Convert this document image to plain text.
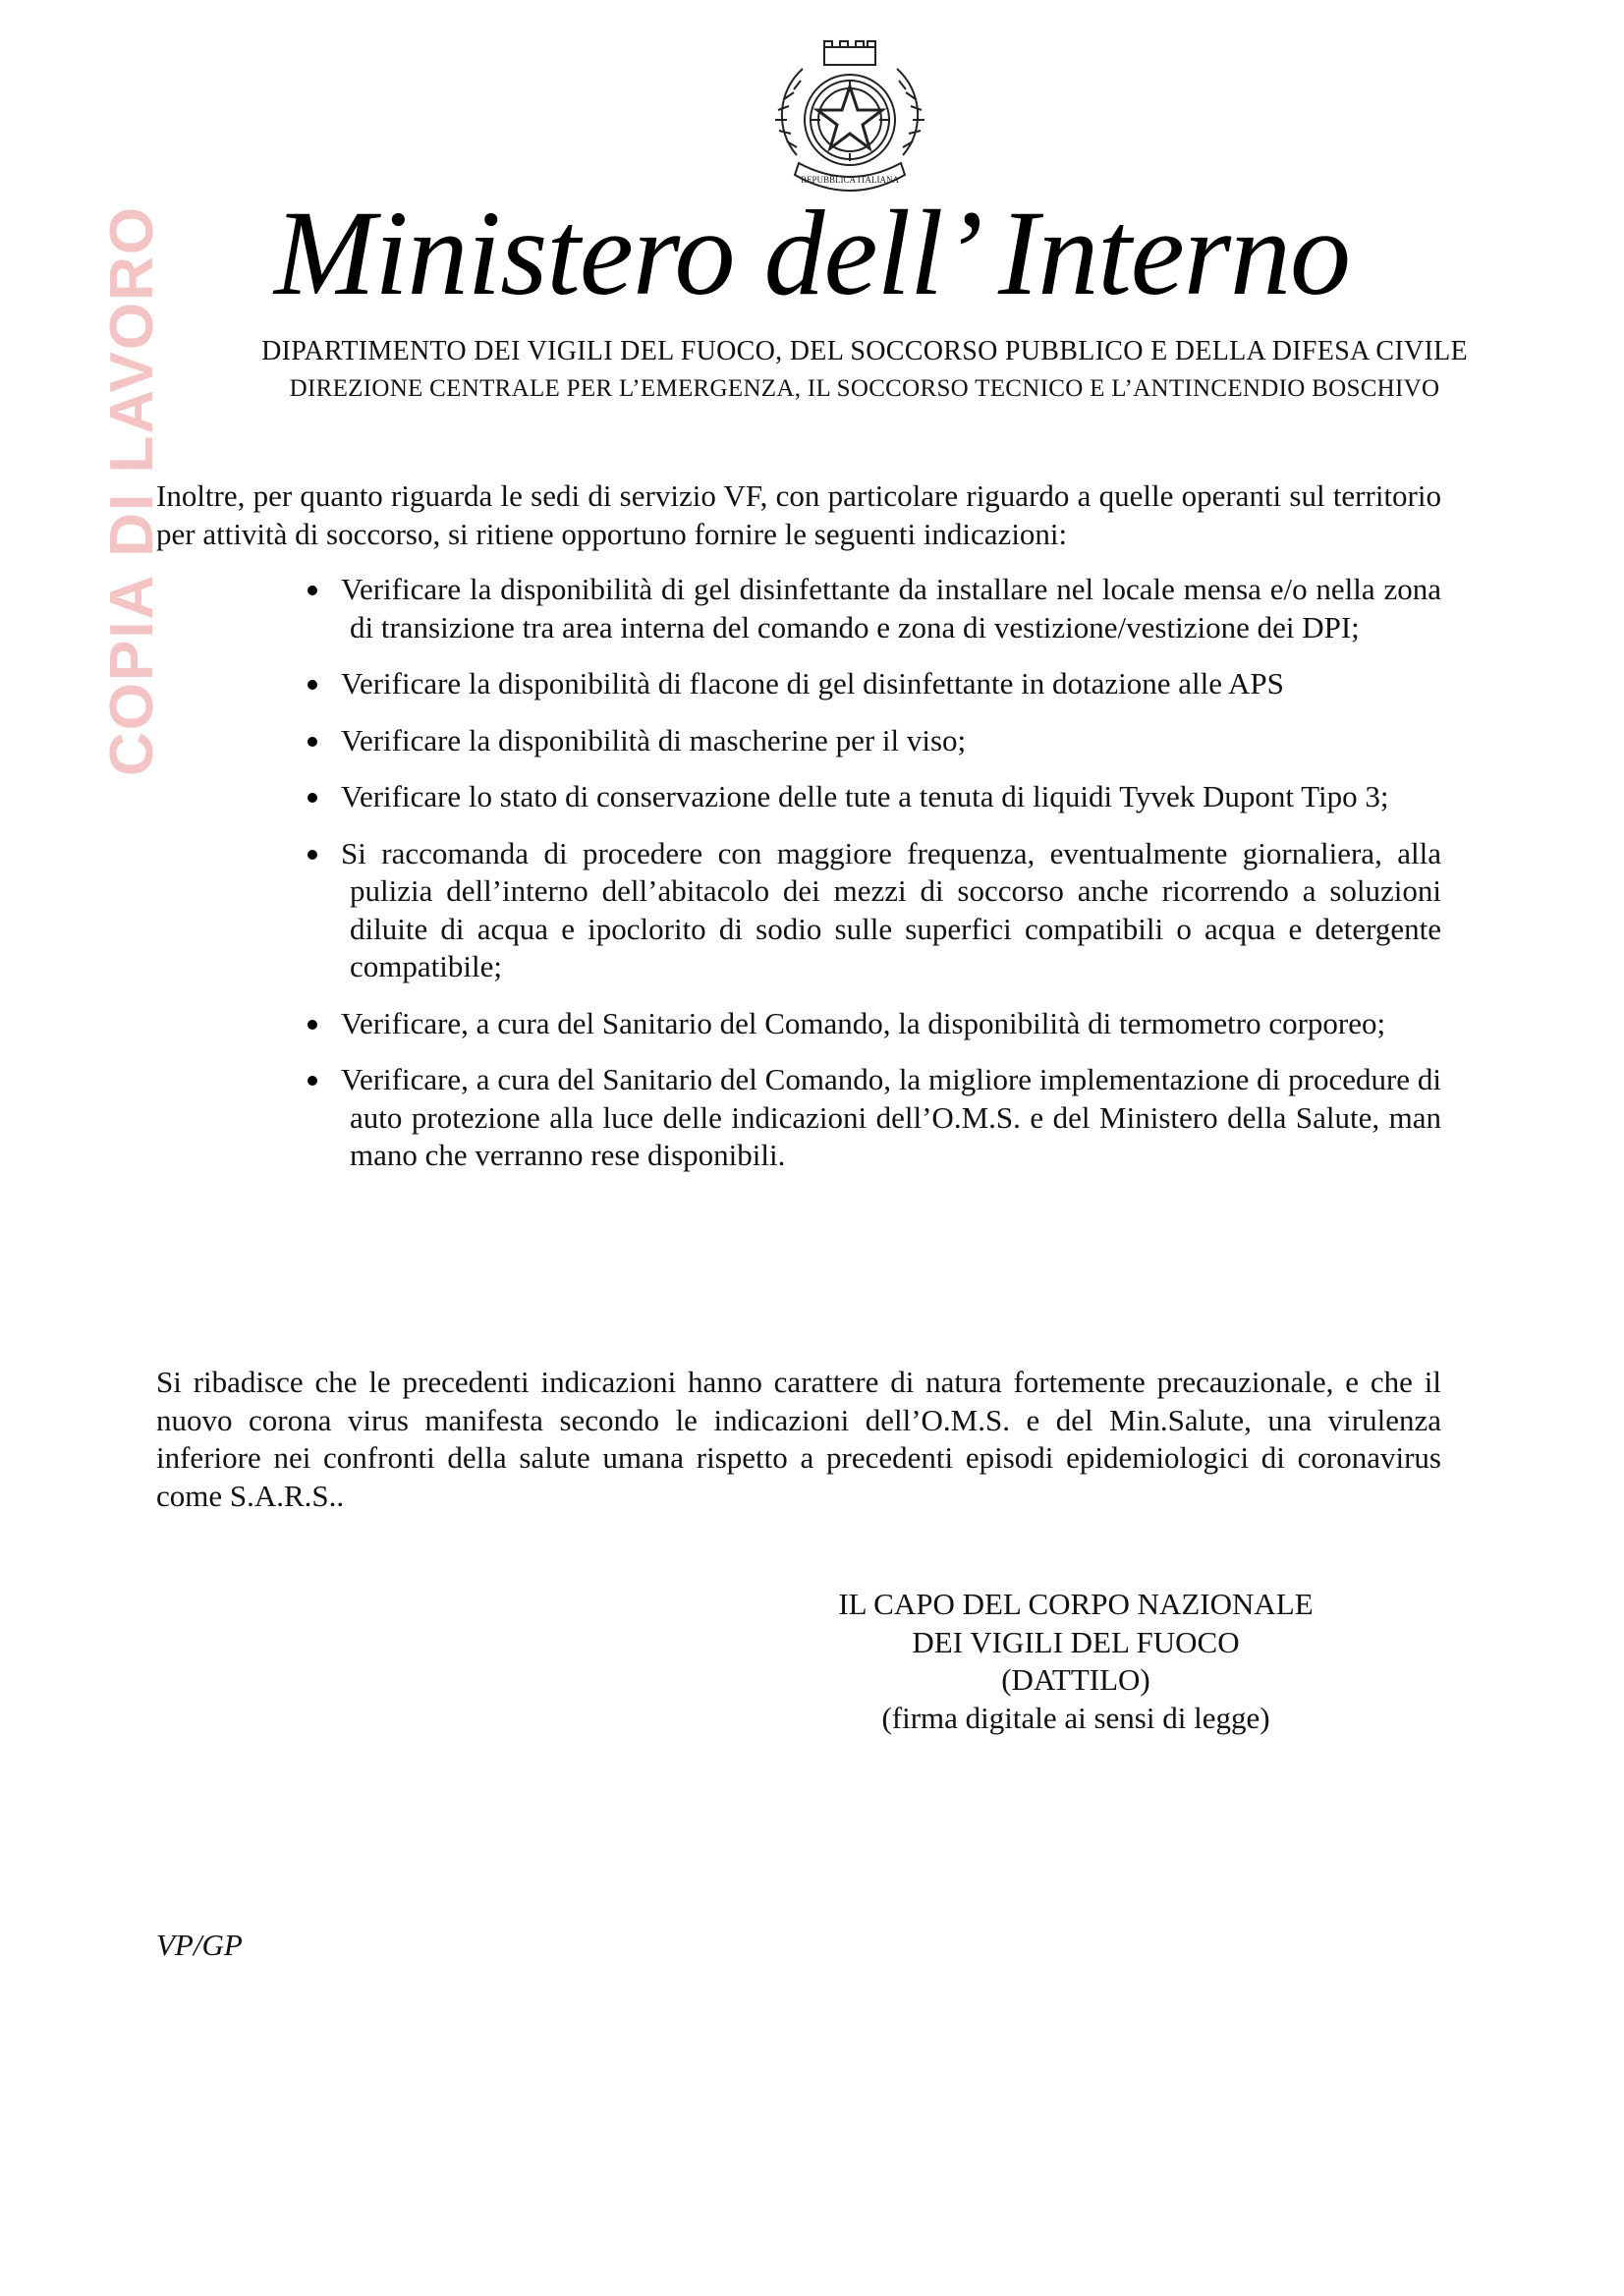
COPIA DI LAVORO
REPUBBLICA ITALIANA
Ministero dell’ Interno
DIPARTIMENTO DEI VIGILI DEL FUOCO, DEL SOCCORSO PUBBLICO E DELLA DIFESA CIVILE
DIREZIONE CENTRALE PER L’EMERGENZA, IL SOCCORSO TECNICO E L’ANTINCENDIO BOSCHIVO

Inoltre, per quanto riguarda le sedi di servizio VF, con particolare riguardo a quelle operanti sul territorio per attività di soccorso, si ritiene opportuno fornire le seguenti indicazioni:

Verificare la disponibilità di gel disinfettante da installare nel locale mensa e/o nella zona di transizione tra area interna del comando e zona di vestizione/vestizione dei DPI;
Verificare la disponibilità di flacone di gel disinfettante in dotazione alle APS
Verificare la disponibilità di mascherine per il viso;
Verificare lo stato di conservazione delle tute a tenuta di liquidi Tyvek Dupont Tipo 3;
Si raccomanda di procedere con maggiore frequenza, eventualmente giornaliera, alla pulizia dell’interno dell’abitacolo dei mezzi di soccorso anche ricorrendo a soluzioni diluite di acqua e ipoclorito di sodio sulle superfici compatibili o acqua e detergente compatibile;
Verificare, a cura del Sanitario del Comando, la disponibilità di termometro corporeo;
Verificare, a cura del Sanitario del Comando, la migliore implementazione di procedure di auto protezione alla luce delle indicazioni dell’O.M.S. e del Ministero della Salute, man mano che verranno rese disponibili.

Si ribadisce che le precedenti indicazioni hanno carattere di natura fortemente precauzionale, e che il nuovo corona virus manifesta secondo le indicazioni dell’O.M.S. e del Min.Salute, una virulenza inferiore nei confronti della salute umana rispetto a precedenti episodi epidemiologici di coronavirus come S.A.R.S..

IL CAPO DEL CORPO NAZIONALE
DEI VIGILI DEL FUOCO
(DATTILO)
(firma digitale ai sensi di legge)
VP/GP
